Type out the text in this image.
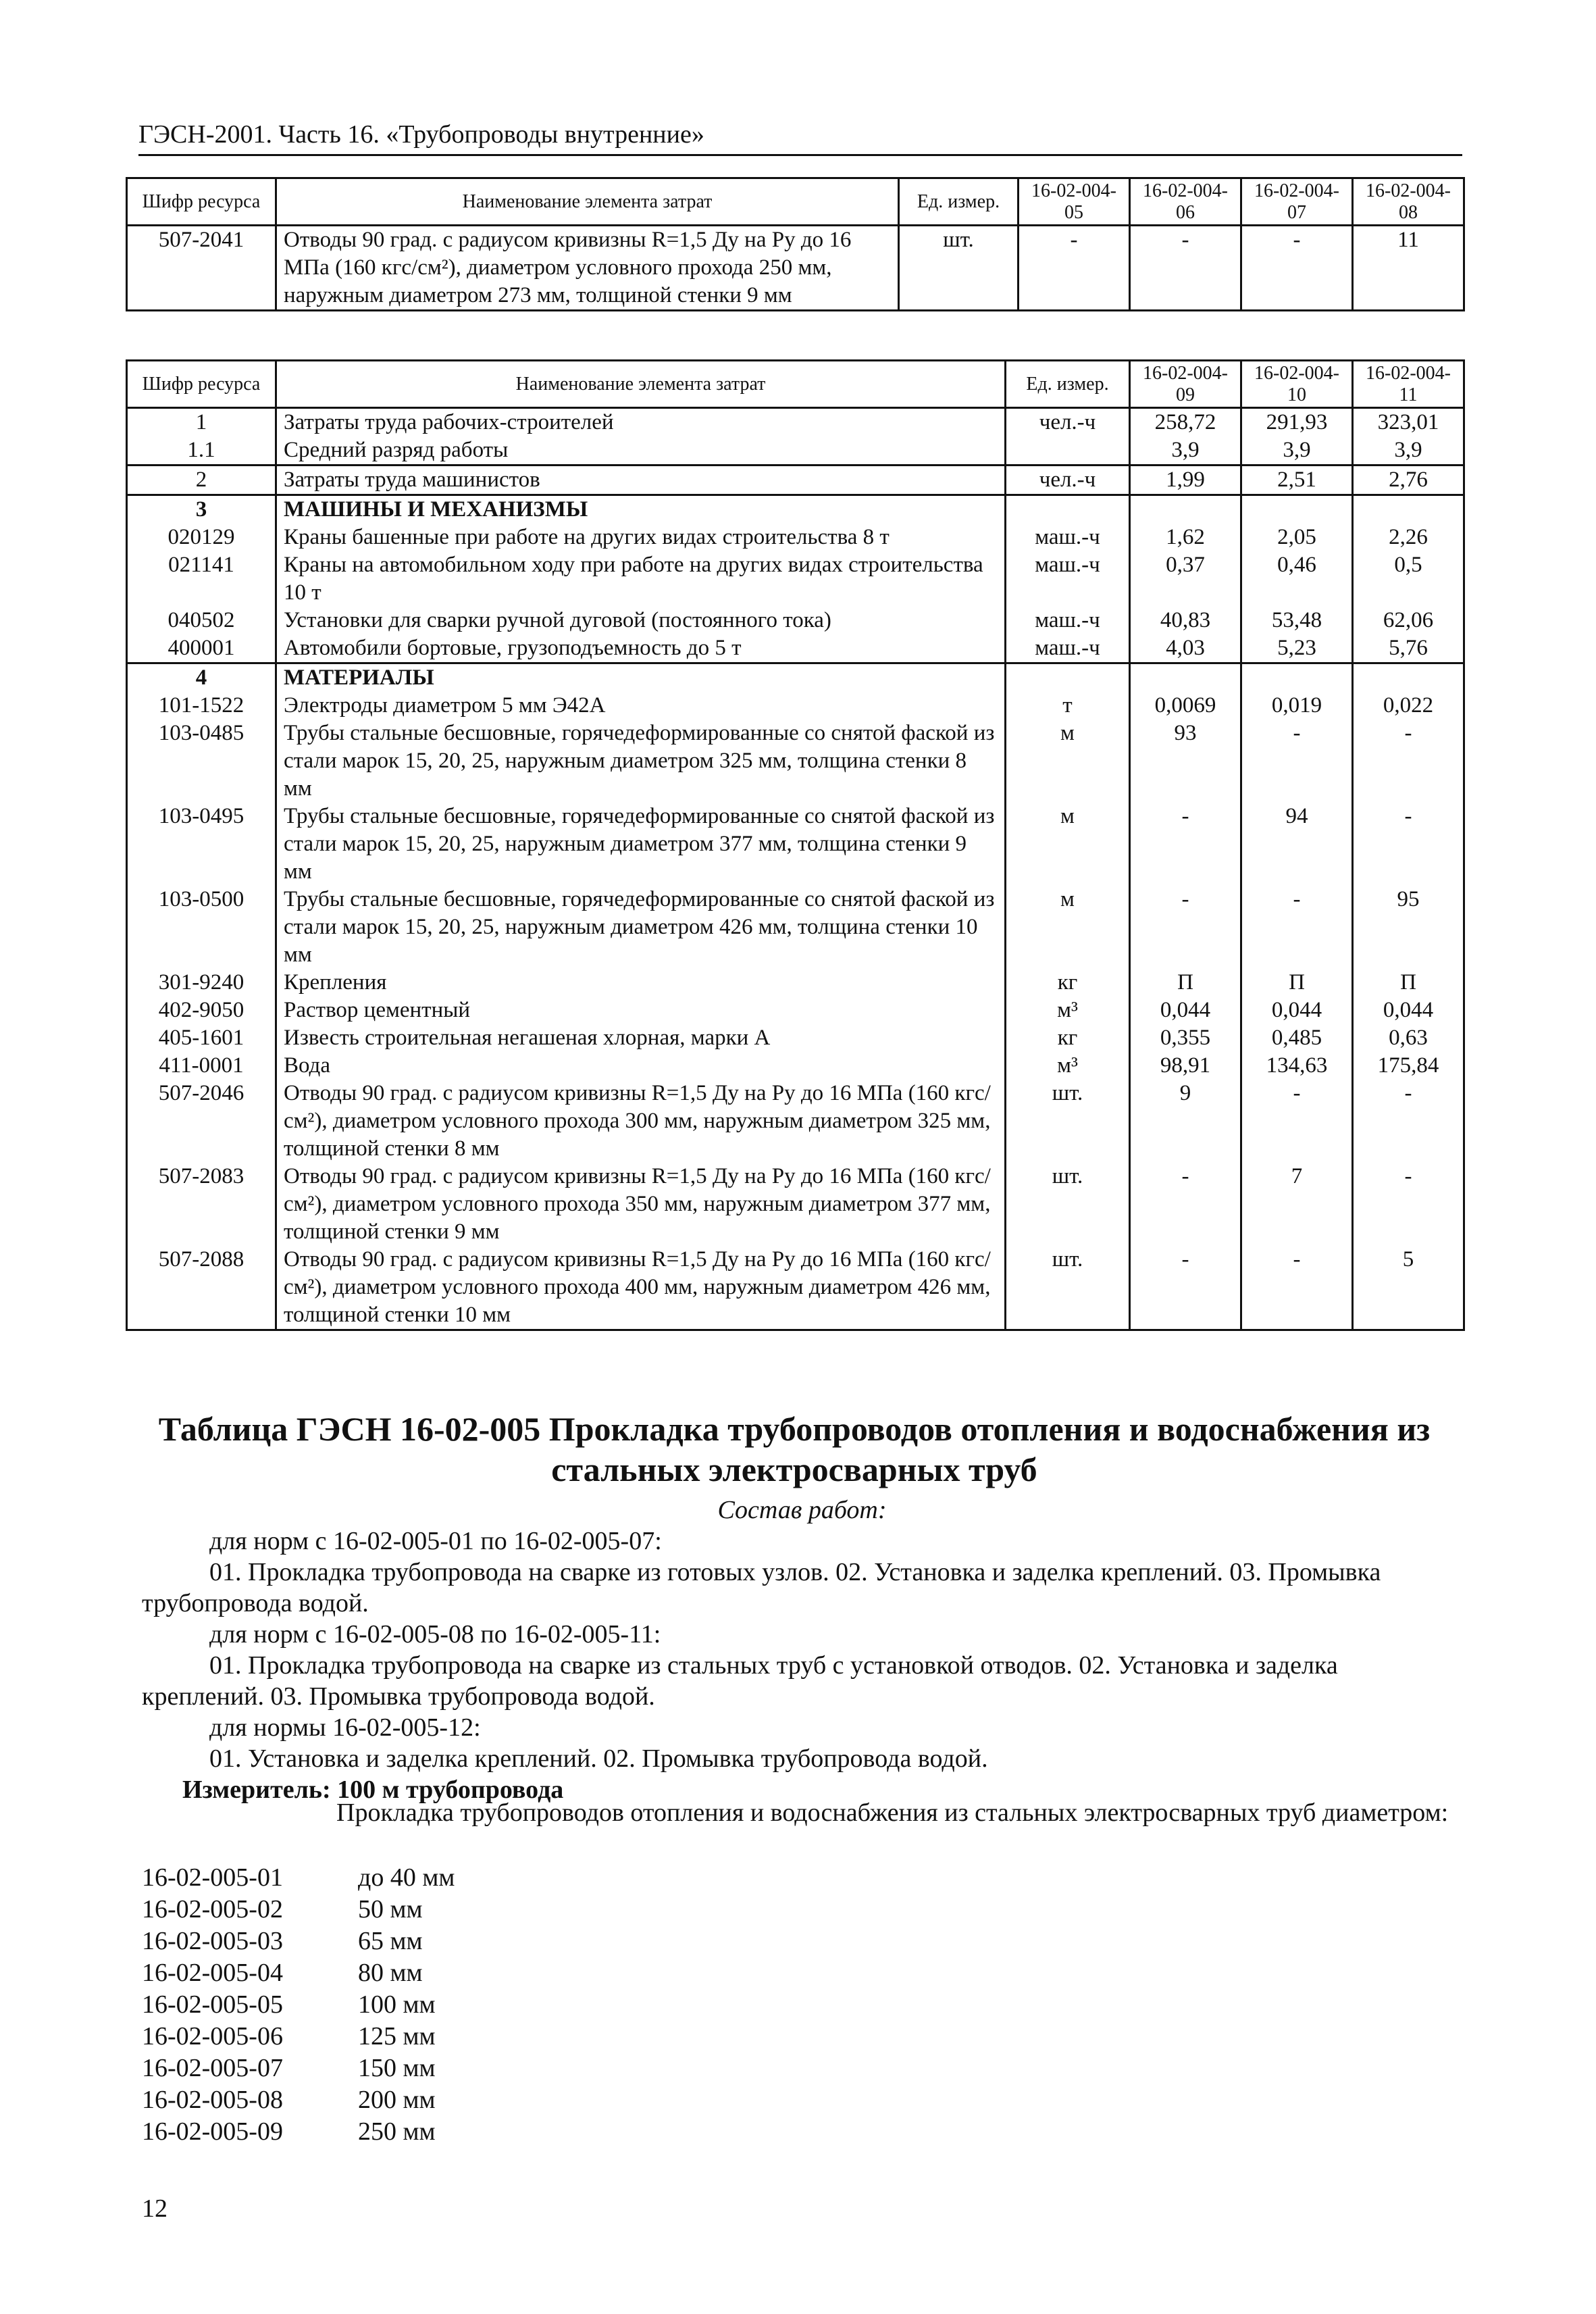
ГЭСН-2001. Часть 16. «Трубопроводы внутренние»
Шифр ресурса	Наименование элемента затрат	Ед. измер.	16-02-004-05	16-02-004-06	16-02-004-07	16-02-004-08
507-2041	Отводы 90 град. с радиусом кривизны R=1,5 Ду на Ру до 16 МПа (160 кгс/см²), диаметром условного прохода 250 мм, наружным диаметром 273 мм, толщиной стенки 9 мм	шт.	-	-	-	11
Шифр ресурса	Наименование элемента затрат	Ед. измер.	16-02-004-09	16-02-004-10	16-02-004-11
1	Затраты труда рабочих-строителей	чел.-ч	258,72	291,93	323,01
1.1	Средний разряд работы		3,9	3,9	3,9
2	Затраты труда машинистов	чел.-ч	1,99	2,51	2,76
3	МАШИНЫ И МЕХАНИЗМЫ				
020129	Краны башенные при работе на других видах строительства 8 т	маш.-ч	1,62	2,05	2,26
021141	Краны на автомобильном ходу при работе на других видах строительства 10 т	маш.-ч	0,37	0,46	0,5
040502	Установки для сварки ручной дуговой (постоянного тока)	маш.-ч	40,83	53,48	62,06
400001	Автомобили бортовые, грузоподъемность до 5 т	маш.-ч	4,03	5,23	5,76
4	МАТЕРИАЛЫ				
101-1522	Электроды диаметром 5 мм Э42А	т	0,0069	0,019	0,022
103-0485	Трубы стальные бесшовные, горячедеформированные со снятой фаской из стали марок 15, 20, 25, наружным диаметром 325 мм, толщина стенки 8 мм	м	93	-	-
103-0495	Трубы стальные бесшовные, горячедеформированные со снятой фаской из стали марок 15, 20, 25, наружным диаметром 377 мм, толщина стенки 9 мм	м	-	94	-
103-0500	Трубы стальные бесшовные, горячедеформированные со снятой фаской из стали марок 15, 20, 25, наружным диаметром 426 мм, толщина стенки 10 мм	м	-	-	95
301-9240	Крепления	кг	П	П	П
402-9050	Раствор цементный	м³	0,044	0,044	0,044
405-1601	Известь строительная негашеная хлорная, марки А	кг	0,355	0,485	0,63
411-0001	Вода	м³	98,91	134,63	175,84
507-2046	Отводы 90 град. с радиусом кривизны R=1,5 Ду на Ру до 16 МПа (160 кгс/см²), диаметром условного прохода 300 мм, наружным диаметром 325 мм, толщиной стенки 8 мм	шт.	9	-	-
507-2083	Отводы 90 град. с радиусом кривизны R=1,5 Ду на Ру до 16 МПа (160 кгс/см²), диаметром условного прохода 350 мм, наружным диаметром 377 мм, толщиной стенки 9 мм	шт.	-	7	-
507-2088	Отводы 90 град. с радиусом кривизны R=1,5 Ду на Ру до 16 МПа (160 кгс/см²), диаметром условного прохода 400 мм, наружным диаметром 426 мм, толщиной стенки 10 мм	шт.	-	-	5
Таблица ГЭСН 16-02-005 Прокладка трубопроводов отопления и водоснабжения из стальных электросварных труб
Состав работ:
для норм с 16-02-005-01 по 16-02-005-07:
01. Прокладка трубопровода на сварке из готовых узлов. 02. Установка и заделка креплений. 03. Промывка трубопровода водой.
для норм с 16-02-005-08 по 16-02-005-11:
01. Прокладка трубопровода на сварке из стальных труб с установкой отводов. 02. Установка и заделка креплений. 03. Промывка трубопровода водой.
для нормы 16-02-005-12:
01. Установка и заделка креплений. 02. Промывка трубопровода водой.
Измеритель: 100 м трубопровода
Прокладка трубопроводов отопления и водоснабжения из стальных электросварных труб диаметром:
16-02-005-01	до 40 мм
16-02-005-02	50 мм
16-02-005-03	65 мм
16-02-005-04	80 мм
16-02-005-05	100 мм
16-02-005-06	125 мм
16-02-005-07	150 мм
16-02-005-08	200 мм
16-02-005-09	250 мм
12
